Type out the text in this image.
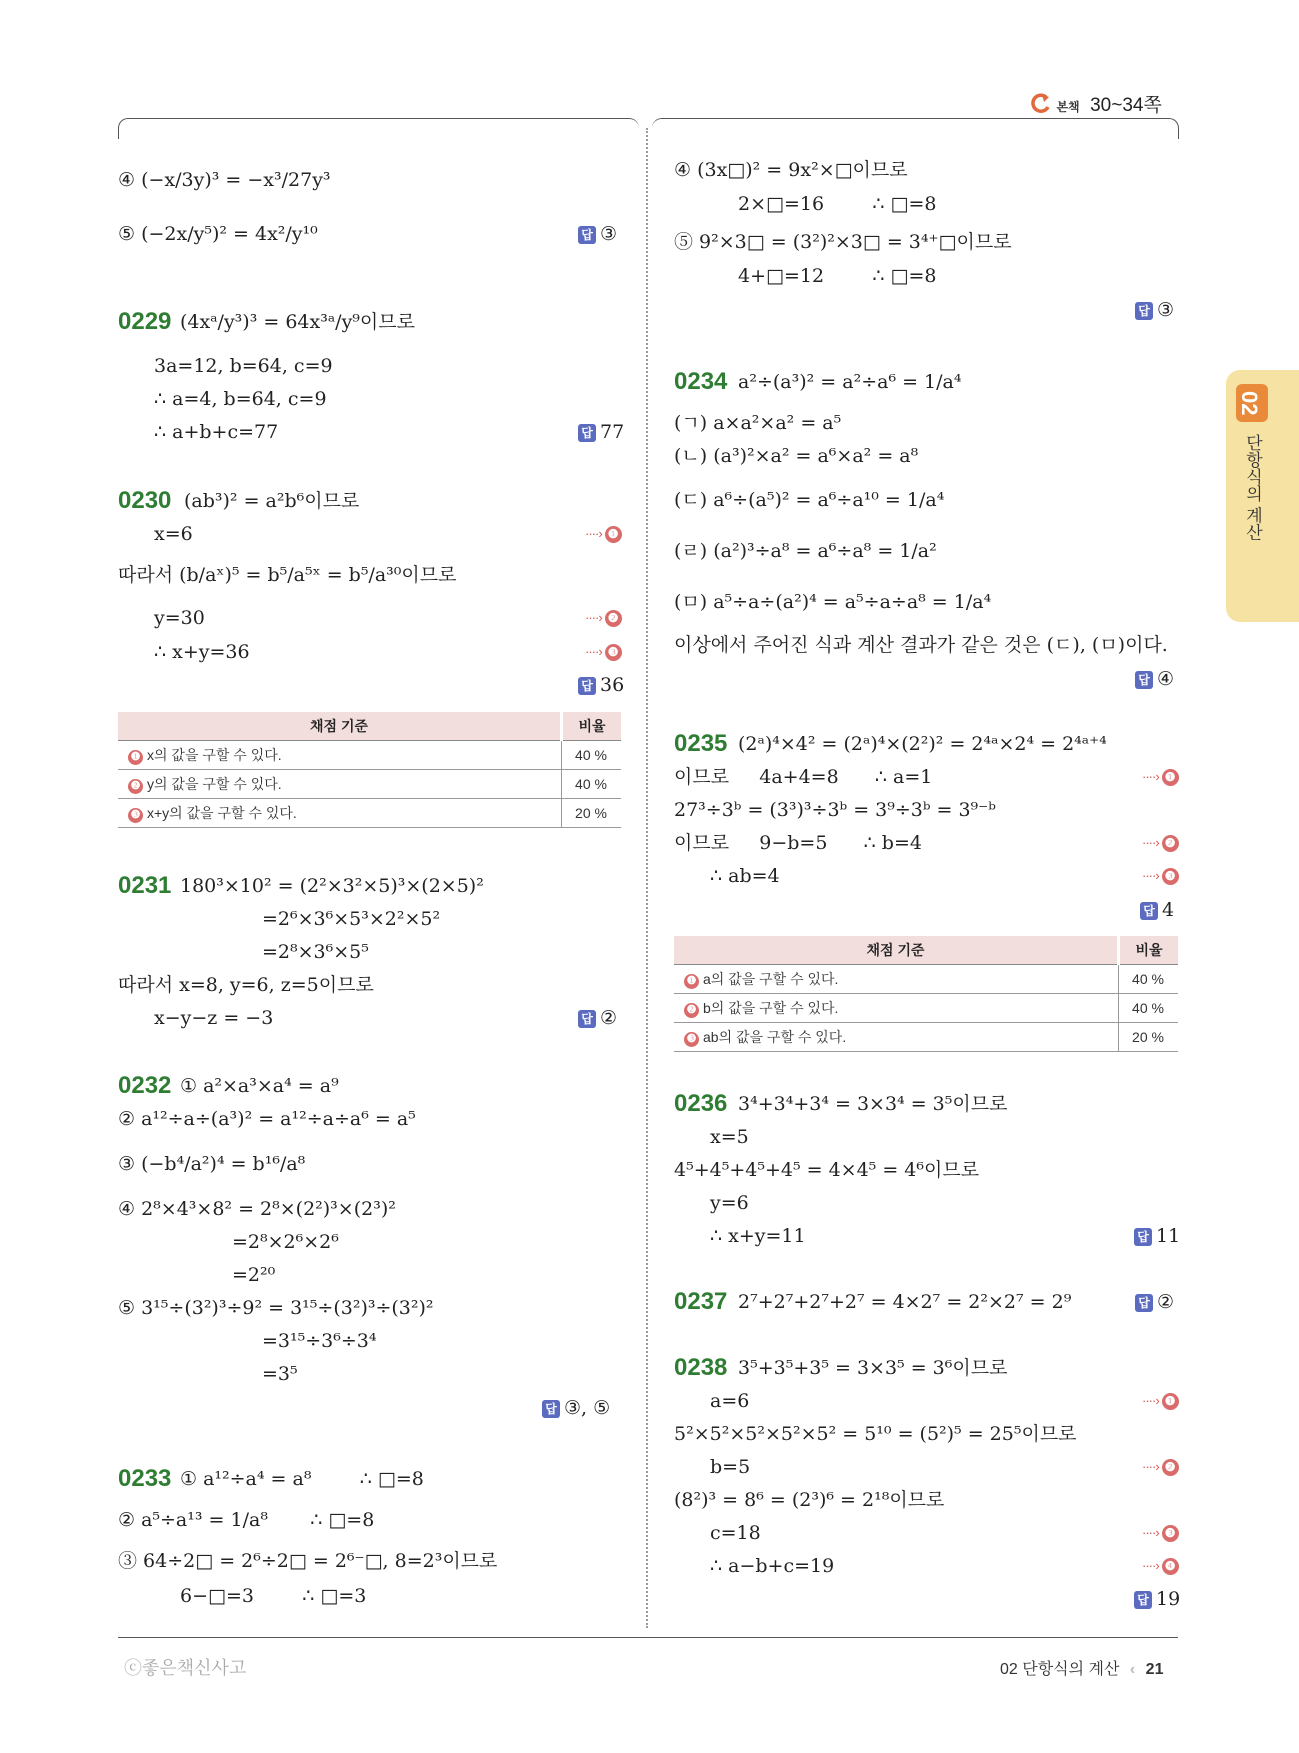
본책 30~34쪽
02
단항식의 계산
④ (−x/3y)³ = −x³/27y³
⑤ (−2x/y⁵)² = 4x²/y¹⁰	답 ③
0229 (4xᵃ/y³)³ = 64x³ᵃ/y⁹이므로
3a=12, b=64, c=9
∴ a=4, b=64, c=9
∴ a+b+c=77	답 77
0230 (ab³)² = a²b⁶이므로
x=6	····› ❶
따라서 (b/aˣ)⁵ = b⁵/a⁵ˣ = b⁵/a³⁰이므로
y=30	····› ❷
∴ x+y=36	····› ❸
답 36
채점 기준	비율
❶ x의 값을 구할 수 있다.	40 %
❷ y의 값을 구할 수 있다.	40 %
❸ x+y의 값을 구할 수 있다.	20 %
0231 180³×10² = (2²×3²×5)³×(2×5)²
=2⁶×3⁶×5³×2²×5²
=2⁸×3⁶×5⁵
따라서 x=8, y=6, z=5이므로
x−y−z = −3	답 ②
0232 ① a²×a³×a⁴ = a⁹
② a¹²÷a÷(a³)² = a¹²÷a÷a⁶ = a⁵
③ (−b⁴/a²)⁴ = b¹⁶/a⁸
④ 2⁸×4³×8² = 2⁸×(2²)³×(2³)²
=2⁸×2⁶×2⁶
=2²⁰
⑤ 3¹⁵÷(3²)³÷9² = 3¹⁵÷(3²)³÷(3²)²
=3¹⁵÷3⁶÷3⁴
=3⁵
답 ③, ⑤
0233 ① a¹²÷a⁴ = a⁸        ∴ □=8
② a⁵÷a¹³ = 1/a⁸       ∴ □=8
③ 64÷2□ = 2⁶÷2□ = 2⁶⁻□, 8=2³이므로
6−□=3        ∴ □=3
④ (3x□)² = 9x²×□이므로
2×□=16        ∴ □=8
⑤ 9²×3□ = (3²)²×3□ = 3⁴⁺□이므로
4+□=12        ∴ □=8
답 ③
0234 a²÷(a³)² = a²÷a⁶ = 1/a⁴
(ㄱ) a×a²×a² = a⁵
(ㄴ) (a³)²×a² = a⁶×a² = a⁸
(ㄷ) a⁶÷(a⁵)² = a⁶÷a¹⁰ = 1/a⁴
(ㄹ) (a²)³÷a⁸ = a⁶÷a⁸ = 1/a²
(ㅁ) a⁵÷a÷(a²)⁴ = a⁵÷a÷a⁸ = 1/a⁴
이상에서 주어진 식과 계산 결과가 같은 것은 (ㄷ), (ㅁ)이다.
답 ④
0235 (2ᵃ)⁴×4² = (2ᵃ)⁴×(2²)² = 2⁴ᵃ×2⁴ = 2⁴ᵃ⁺⁴
이므로     4a+4=8      ∴ a=1	····› ❶
27³÷3ᵇ = (3³)³÷3ᵇ = 3⁹÷3ᵇ = 3⁹⁻ᵇ
이므로     9−b=5      ∴ b=4	····› ❷
∴ ab=4	····› ❸
답 4
채점 기준	비율
❶ a의 값을 구할 수 있다.	40 %
❷ b의 값을 구할 수 있다.	40 %
❸ ab의 값을 구할 수 있다.	20 %
0236 3⁴+3⁴+3⁴ = 3×3⁴ = 3⁵이므로
x=5
4⁵+4⁵+4⁵+4⁵ = 4×4⁵ = 4⁶이므로
y=6
∴ x+y=11	답 11
0237 2⁷+2⁷+2⁷+2⁷ = 4×2⁷ = 2²×2⁷ = 2⁹	답 ②
0238 3⁵+3⁵+3⁵ = 3×3⁵ = 3⁶이므로
a=6	····› ❶
5²×5²×5²×5²×5² = 5¹⁰ = (5²)⁵ = 25⁵이므로
b=5	····› ❷
(8²)³ = 8⁶ = (2³)⁶ = 2¹⁸이므로
c=18	····› ❸
∴ a−b+c=19	····› ❹
답 19
ⓒ좋은책신사고	02 단항식의 계산 ‹ 21
